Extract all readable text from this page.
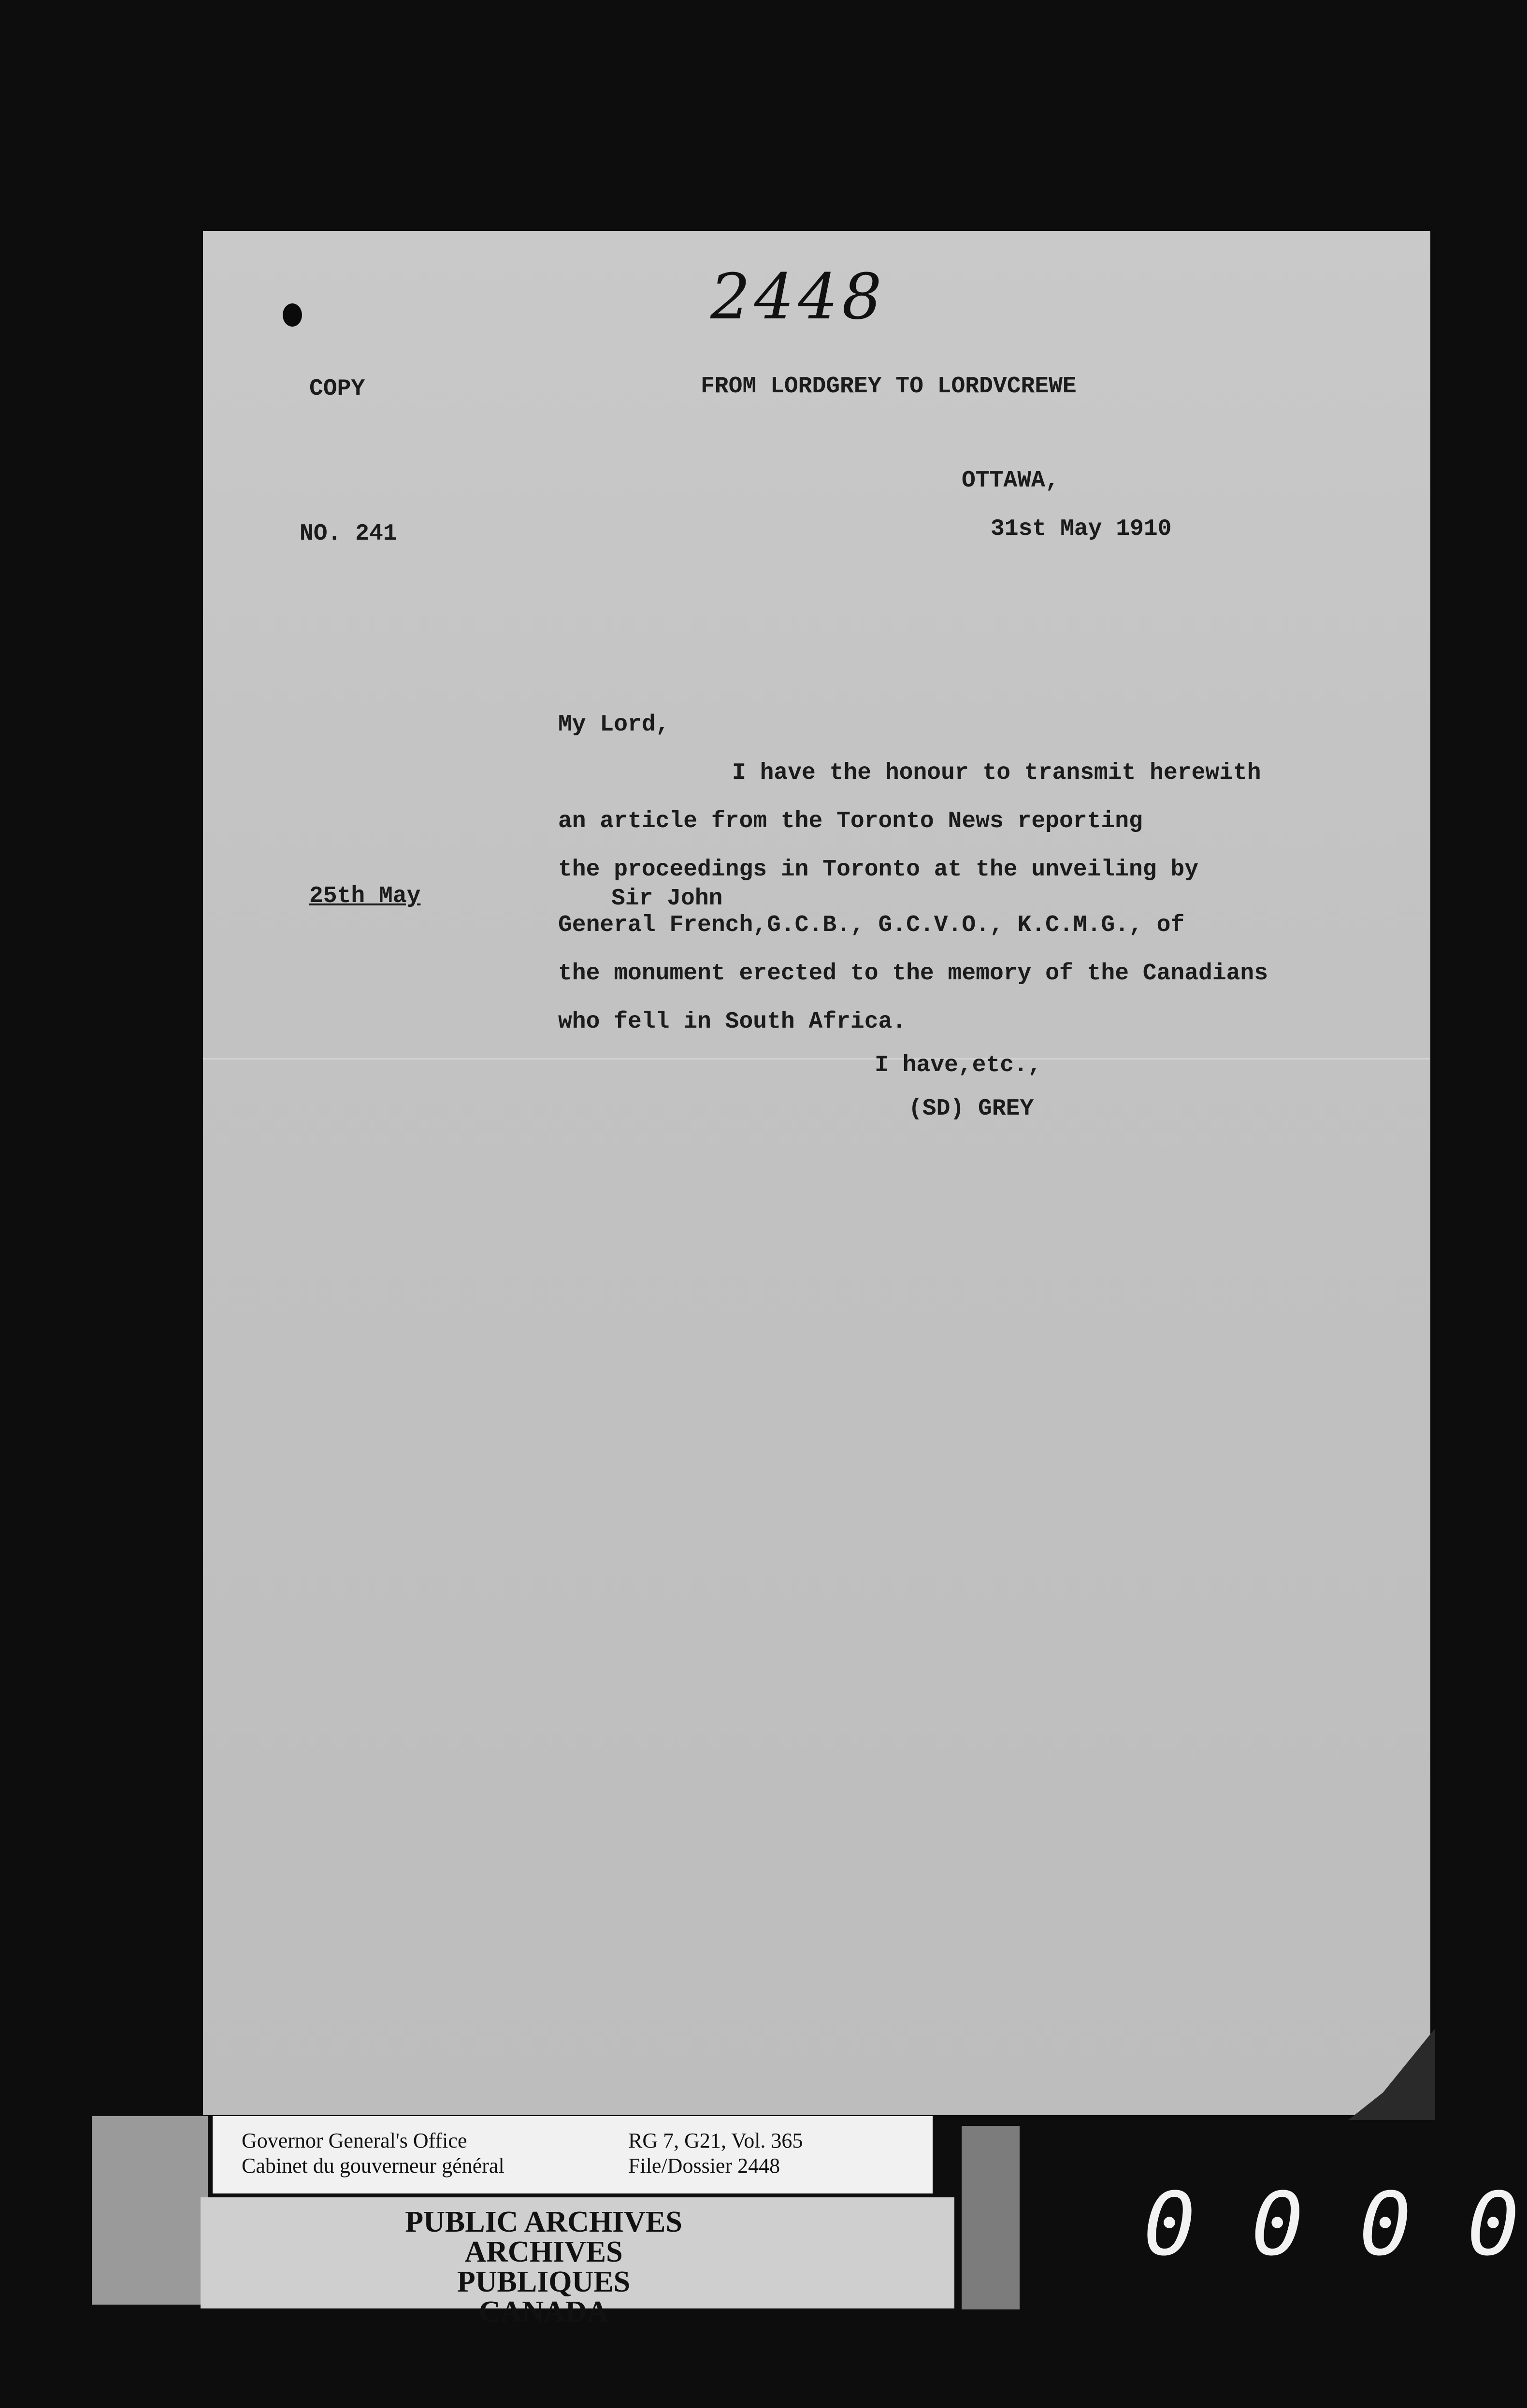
2448
COPY	FROM LORDGREY TO LORDVCREWE
OTTAWA,
31st May 1910
NO. 241
25th May
My Lord,
I have the honour to transmit herewith
an article from the Toronto News reporting
the proceedings in Toronto at the unveiling by
Sir John
General French,G.C.B., G.C.V.O., K.C.M.G., of
the monument erected to the memory of the Canadians
who fell in South Africa.
I have,etc.,
(SD) GREY
Governor General's Office
Cabinet du gouverneur général
RG 7, G21, Vol. 365
File/Dossier 2448
PUBLIC ARCHIVES
ARCHIVES PUBLIQUES
CANADA
0 0 0 0
